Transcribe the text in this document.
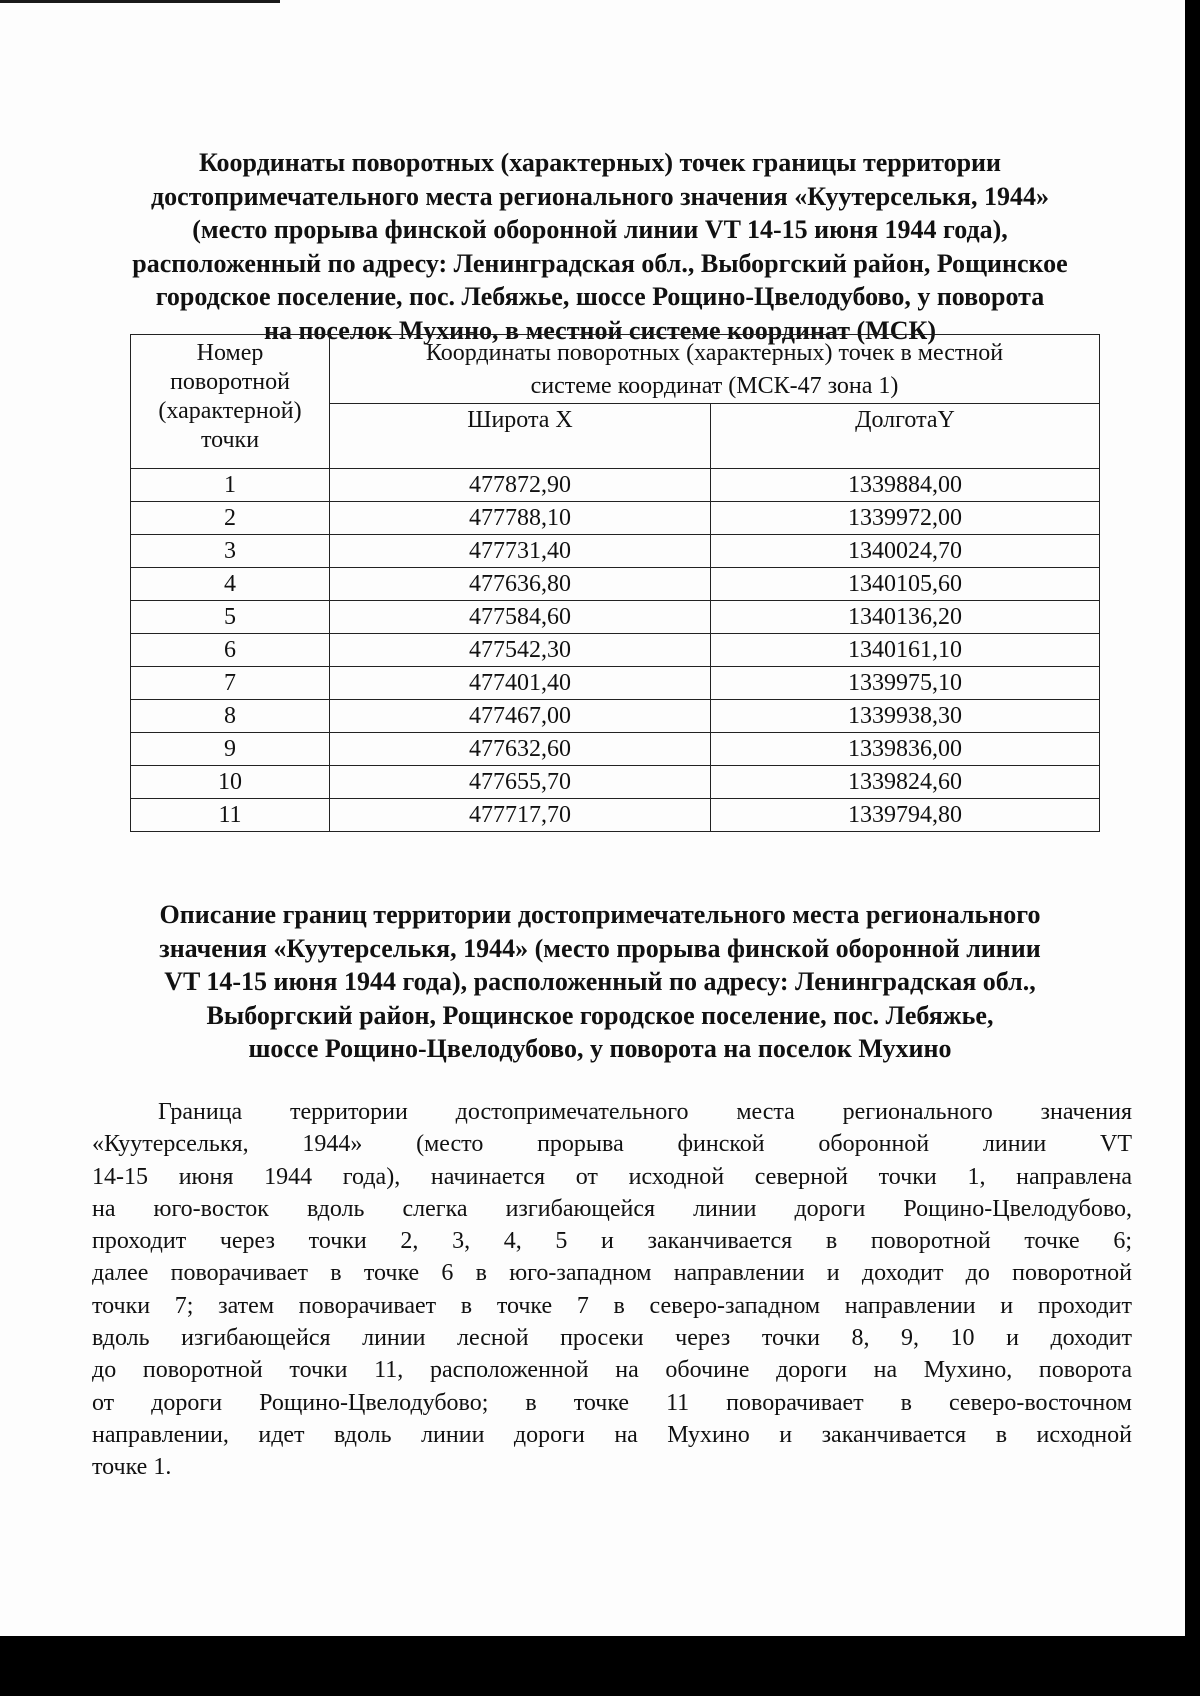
Координаты поворотных (характерных) точек границы территории
достопримечательного места регионального значения «Куутерселькя, 1944»
(место прорыва финской оборонной линии VT 14-15 июня 1944 года),
расположенный по адресу: Ленинградская обл., Выборгский район, Рощинское
городское поселение, пос. Лебяжье, шоссе Рощино-Цвелодубово, у поворота
на поселок Мухино, в местной системе координат (МСК)
Номер
поворотной
(характерной)
точки	Координаты поворотных (характерных) точек в местной
системе координат (МСК-47 зона 1)	
	Широта X	ДолготаY
1	477872,90	1339884,00
2	477788,10	1339972,00
3	477731,40	1340024,70
4	477636,80	1340105,60
5	477584,60	1340136,20
6	477542,30	1340161,10
7	477401,40	1339975,10
8	477467,00	1339938,30
9	477632,60	1339836,00
10	477655,70	1339824,60
11	477717,70	1339794,80
Описание границ территории достопримечательного места регионального
значения «Куутерселькя, 1944» (место прорыва финской оборонной линии
VT 14-15 июня 1944 года), расположенный по адресу: Ленинградская обл.,
Выборгский район, Рощинское городское поселение, пос. Лебяжье,
шоссе Рощино-Цвелодубово, у поворота на поселок Мухино

Граница территории достопримечательного места регионального значения
«Куутерселькя, 1944» (место прорыва финской оборонной линии VT
14-15 июня 1944 года), начинается от исходной северной точки 1, направлена
на юго-восток вдоль слегка изгибающейся линии дороги Рощино-Цвелодубово,
проходит через точки 2, 3, 4, 5 и заканчивается в поворотной точке 6;
далее поворачивает в точке 6 в юго-западном направлении и доходит до поворотной
точки 7; затем поворачивает в точке 7 в северо-западном направлении и проходит
вдоль изгибающейся линии лесной просеки через точки 8, 9, 10 и доходит
до поворотной точки 11, расположенной на обочине дороги на Мухино, поворота
от дороги Рощино-Цвелодубово; в точке 11 поворачивает в северо-восточном
направлении, идет вдоль линии дороги на Мухино и заканчивается в исходной
точке 1.
